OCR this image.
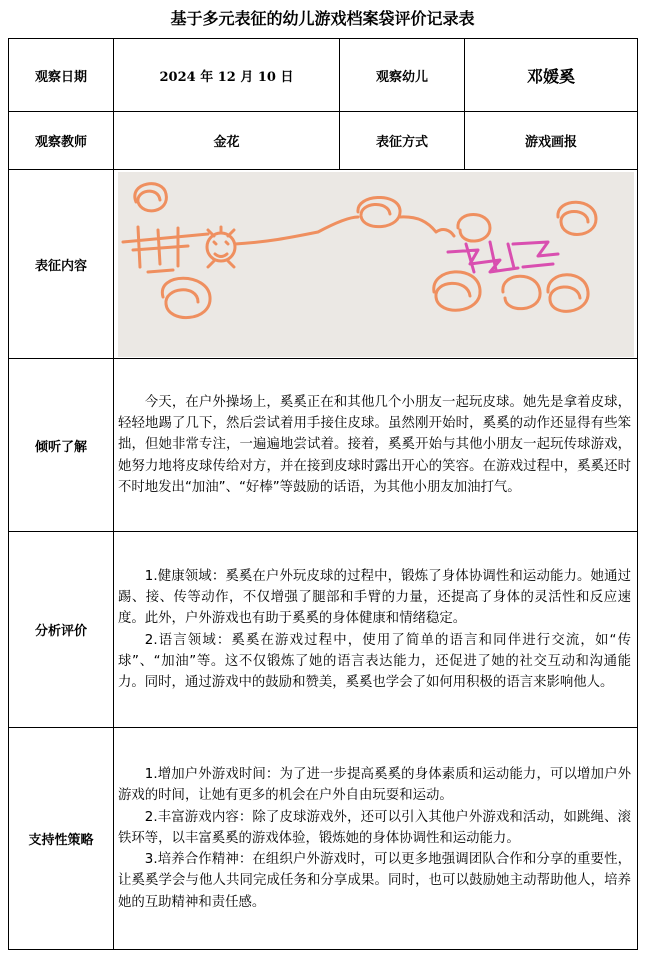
基于多元表征的幼儿游戏档案袋评价记录表
观察日期	2024 年 12 月 10 日	观察幼儿	邓媛奚
观察教师	金花	表征方式	游戏画报
表征内容	

倾听了解	今天，在户外操场上，奚奚正在和其他几个小朋友一起玩皮球。她先是拿着皮球，轻轻地踢了几下，然后尝试着用手接住皮球。虽然刚开始时，奚奚的动作还显得有些笨拙，但她非常专注，一遍遍地尝试着。接着，奚奚开始与其他小朋友一起玩传球游戏，她努力地将皮球传给对方，并在接到皮球时露出开心的笑容。在游戏过程中，奚奚还时不时地发出“加油”、“好棒”等鼓励的话语，为其他小朋友加油打气。		

分析评价	1.健康领域：奚奚在户外玩皮球的过程中，锻炼了身体协调性和运动能力。她通过踢、接、传等动作，不仅增强了腿部和手臂的力量，还提高了身体的灵活性和反应速度。此外，户外游戏也有助于奚奚的身体健康和情绪稳定。

2.语言领域：奚奚在游戏过程中，使用了简单的语言和同伴进行交流，如“传球”、“加油”等。这不仅锻炼了她的语言表达能力，还促进了她的社交互动和沟通能力。同时，通过游戏中的鼓励和赞美，奚奚也学会了如何用积极的语言来影响他人。		

支持性策略	1.增加户外游戏时间：为了进一步提高奚奚的身体素质和运动能力，可以增加户外游戏的时间，让她有更多的机会在户外自由玩耍和运动。

2.丰富游戏内容：除了皮球游戏外，还可以引入其他户外游戏和活动，如跳绳、滚铁环等，以丰富奚奚的游戏体验，锻炼她的身体协调性和运动能力。

3.培养合作精神：在组织户外游戏时，可以更多地强调团队合作和分享的重要性，让奚奚学会与他人共同完成任务和分享成果。同时，也可以鼓励她主动帮助他人，培养她的互助精神和责任感。		
